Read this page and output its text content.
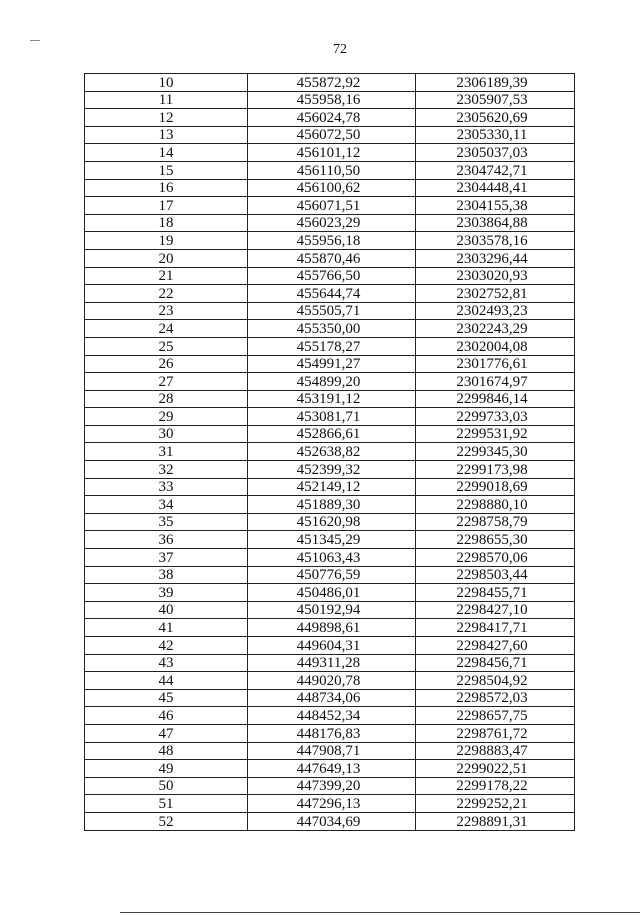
72
10	455872,92	2306189,39
11	455958,16	2305907,53
12	456024,78	2305620,69
13	456072,50	2305330,11
14	456101,12	2305037,03
15	456110,50	2304742,71
16	456100,62	2304448,41
17	456071,51	2304155,38
18	456023,29	2303864,88
19	455956,18	2303578,16
20	455870,46	2303296,44
21	455766,50	2303020,93
22	455644,74	2302752,81
23	455505,71	2302493,23
24	455350,00	2302243,29
25	455178,27	2302004,08
26	454991,27	2301776,61
27	454899,20	2301674,97
28	453191,12	2299846,14
29	453081,71	2299733,03
30	452866,61	2299531,92
31	452638,82	2299345,30
32	452399,32	2299173,98
33	452149,12	2299018,69
34	451889,30	2298880,10
35	451620,98	2298758,79
36	451345,29	2298655,30
37	451063,43	2298570,06
38	450776,59	2298503,44
39	450486,01	2298455,71
40	450192,94	2298427,10
41	449898,61	2298417,71
42	449604,31	2298427,60
43	449311,28	2298456,71
44	449020,78	2298504,92
45	448734,06	2298572,03
46	448452,34	2298657,75
47	448176,83	2298761,72
48	447908,71	2298883,47
49	447649,13	2299022,51
50	447399,20	2299178,22
51	447296,13	2299252,21
52	447034,69	2298891,31
